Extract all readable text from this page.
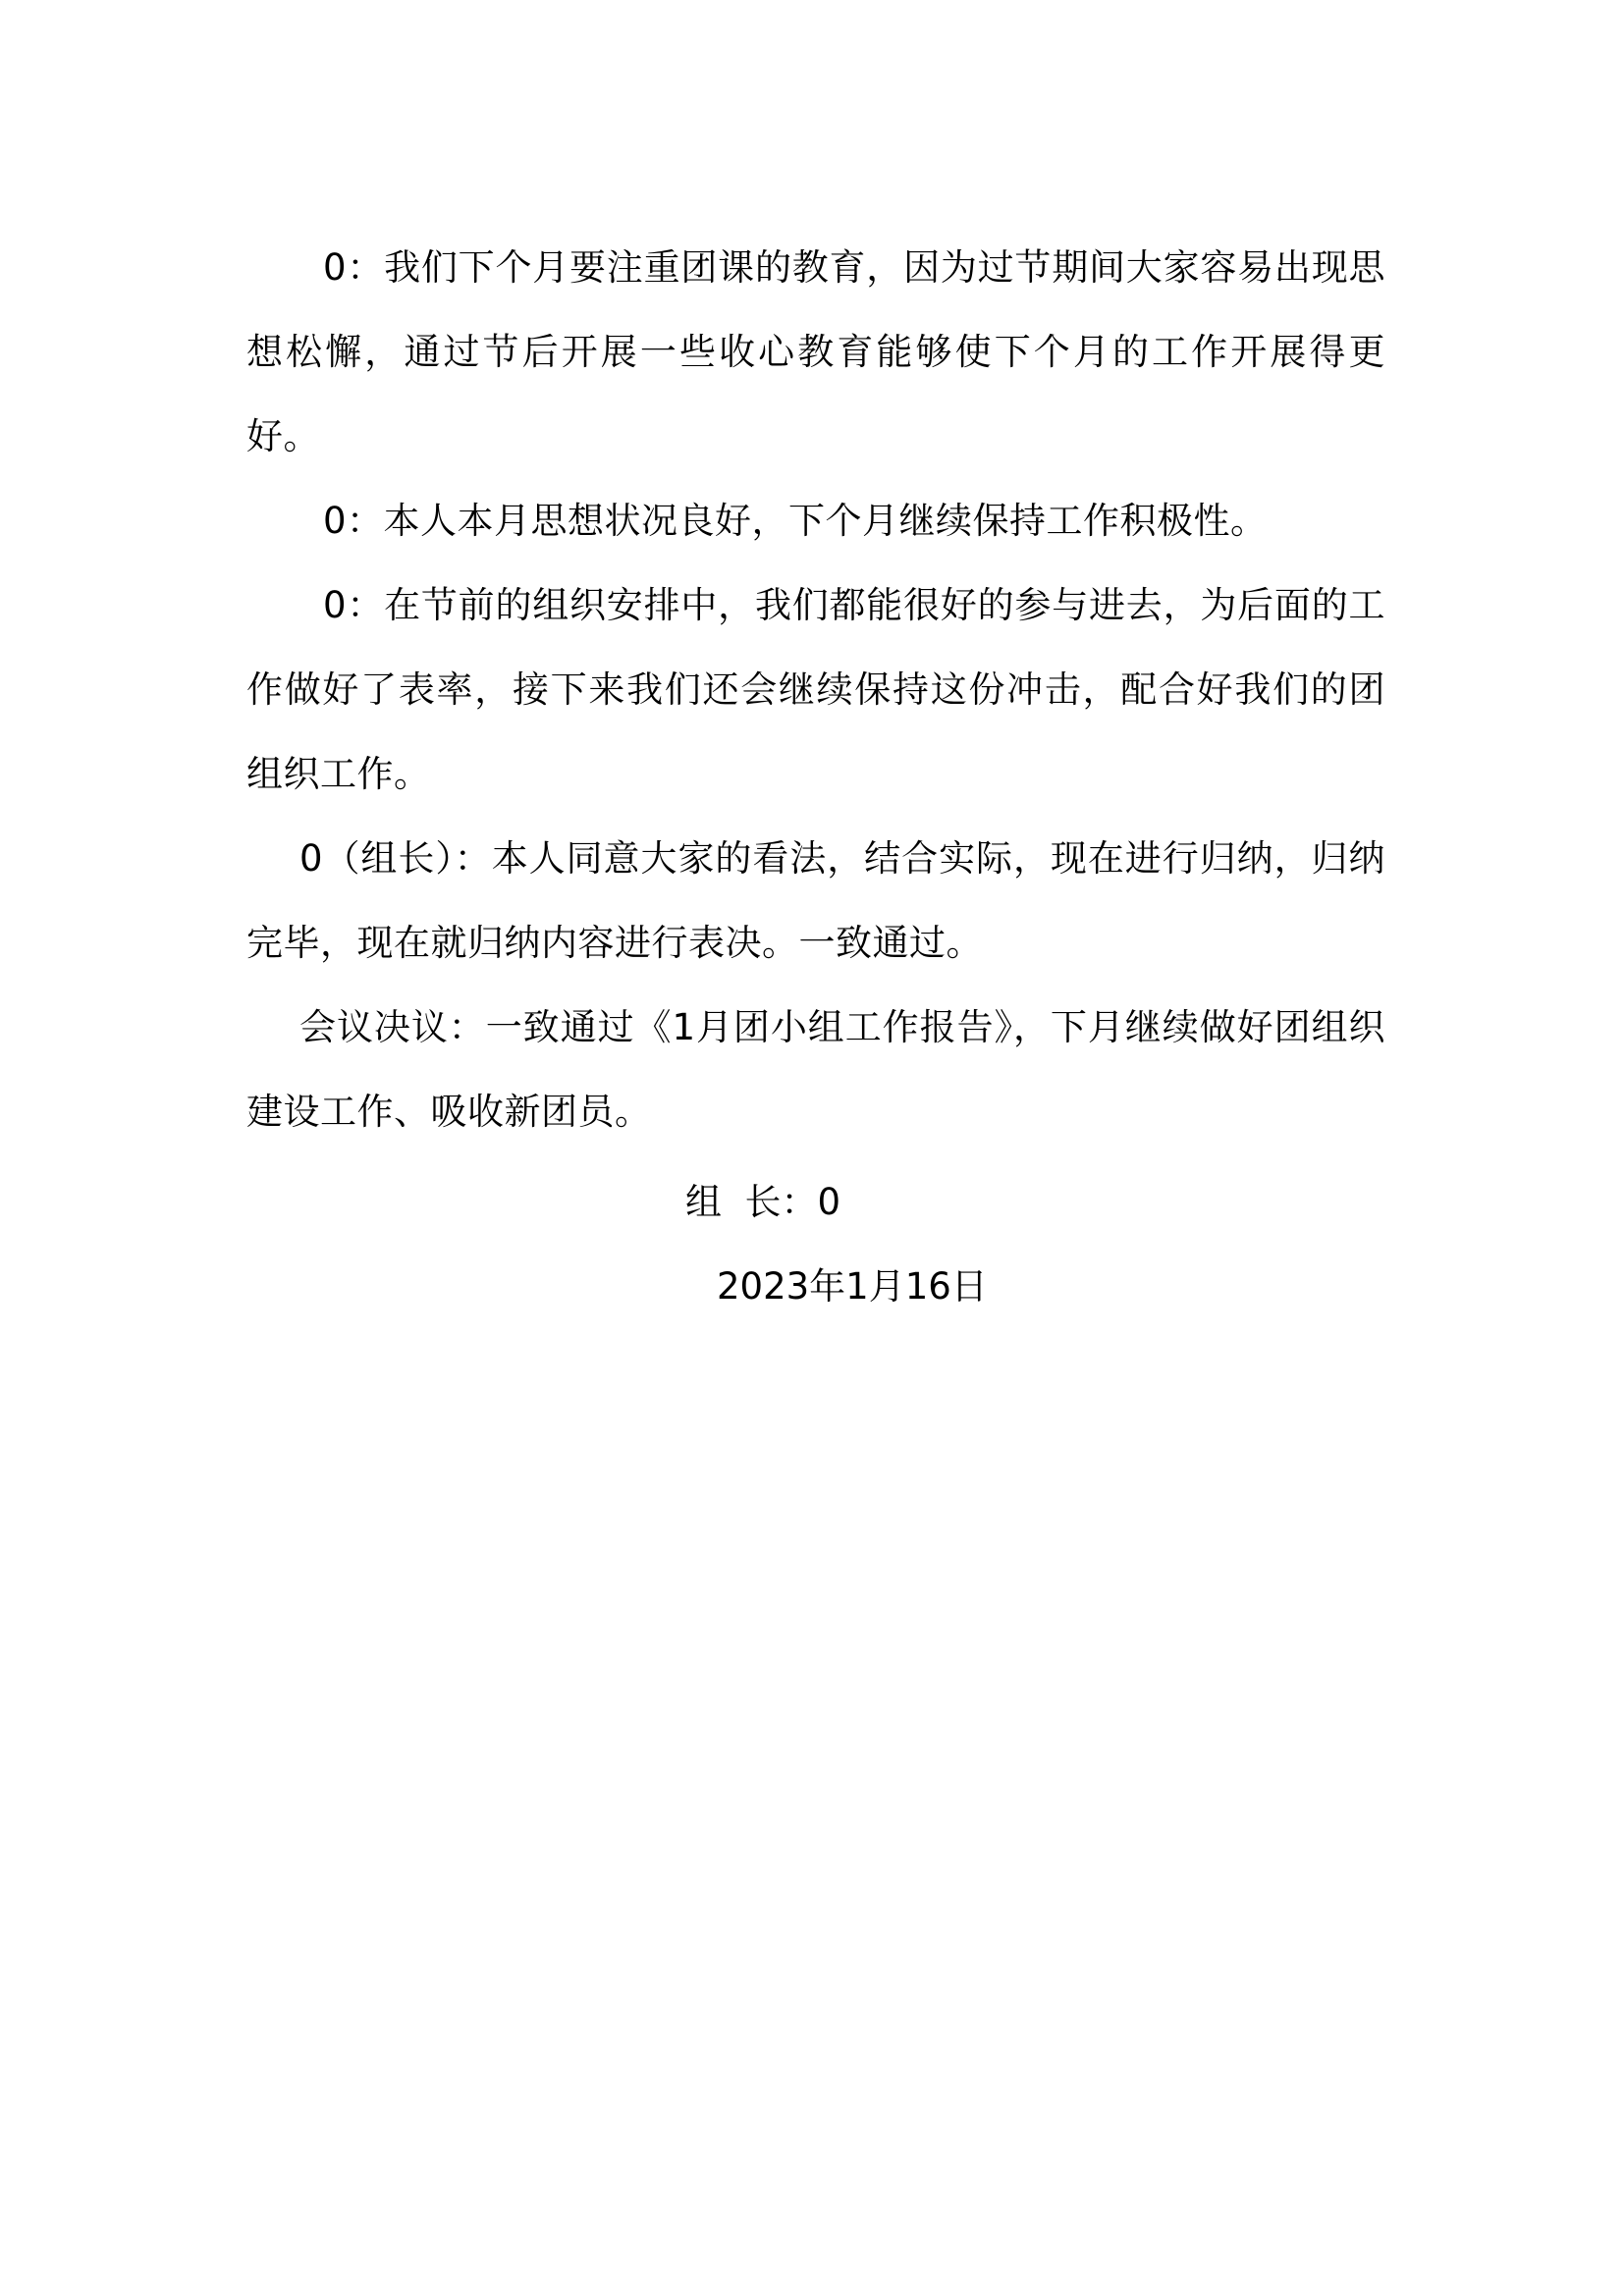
0：我们下个月要注重团课的教育，因为过节期间大家容易出现思想松懈，通过节后开展一些收心教育能够使下个月的工作开展得更好。

0：本人本月思想状况良好，下个月继续保持工作积极性。

0：在节前的组织安排中，我们都能很好的参与进去，为后面的工作做好了表率，接下来我们还会继续保持这份冲击，配合好我们的团组织工作。

0（组长）：本人同意大家的看法，结合实际，现在进行归纳，归纳完毕，现在就归纳内容进行表决。一致通过。

会议决议：一致通过《1月团小组工作报告》，下月继续做好团组织建设工作、吸收新团员。

组  长：0
2023年1月16日
